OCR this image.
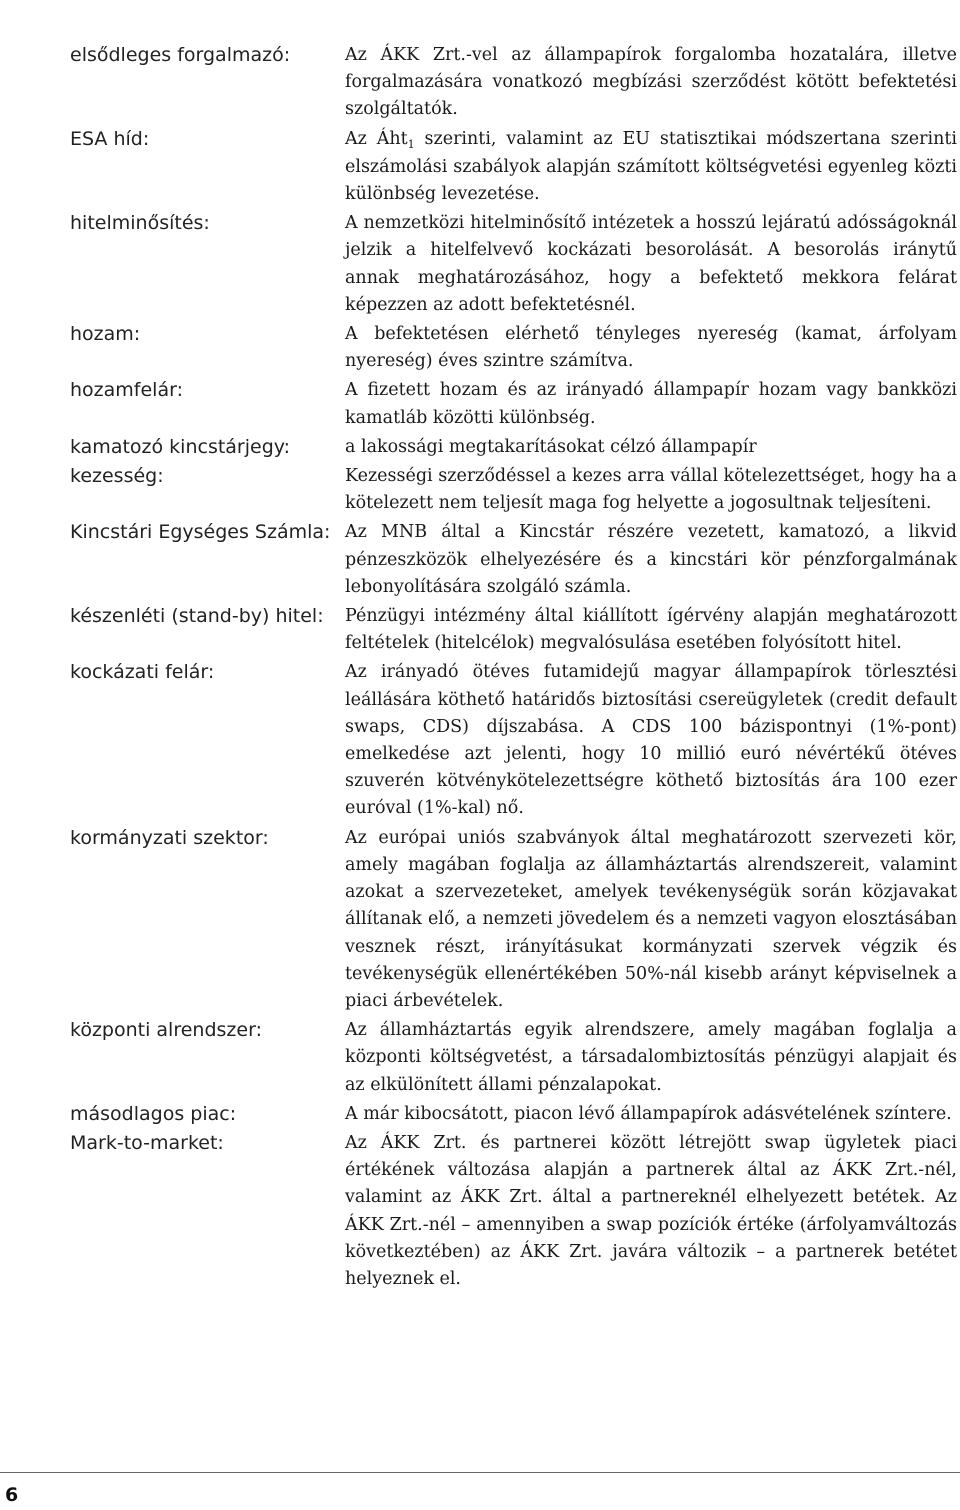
elsődleges forgalmazó:	Az ÁKK Zrt.-vel az állampapírok forgalomba hozatalára, illetve forgalmazására vonatkozó megbízási szerződést kötött befektetési szolgáltatók.
ESA híd:	Az Áht$_1$ szerinti, valamint az EU statisztikai módszertana szerinti elszámolási szabályok alapján számított költségvetési egyenleg közti különbség levezetése.
hitelminősítés:	A nemzetközi hitelminősítő intézetek a hosszú lejáratú adósságoknál jelzik a hitelfelvevő kockázati besorolását. A besorolás iránytű annak meghatározásához, hogy a befektető mekkora felárat képezzen az adott befektetésnél.
hozam:	A befektetésen elérhető tényleges nyereség (kamat, árfolyam nyereség) éves szintre számítva.
hozamfelár:	A fizetett hozam és az irányadó állampapír hozam vagy bankközi kamatláb közötti különbség.
kamatozó kincstárjegy:	a lakossági megtakarításokat célzó állampapír
kezesség:	Kezességi szerződéssel a kezes arra vállal kötelezettséget, hogy ha a kötelezett nem teljesít maga fog helyette a jogosultnak teljesíteni.
Kincstári Egységes Számla: Az MNB által a Kincstár részére vezetett, kamatozó, a likvid pénzeszközök elhelyezésére és a kincstári kör pénzforgalmának lebonyolítására szolgáló számla.
készenléti (stand-by) hitel:	Pénzügyi intézmény által kiállított ígérvény alapján meghatározott feltételek (hitelcélok) megvalósulása esetében folyósított hitel.
kockázati felár:	Az irányadó ötéves futamidejű magyar állampapírok törlesztési leállására köthető határidős biztosítási csereügyletek (credit default swaps, CDS) díjszabása. A CDS 100 bázispontnyi (1%-pont) emelkedése azt jelenti, hogy 10 millió euró névértékű ötéves szuverén kötvénykötelezettségre köthető biztosítás ára 100 ezer euróval (1%-kal) nő.
kormányzati szektor:	Az európai uniós szabványok által meghatározott szervezeti kör, amely magában foglalja az államháztartás alrendszereit, valamint azokat a szervezeteket, amelyek tevékenységük során közjavakat állítanak elő, a nemzeti jövedelem és a nemzeti vagyon elosztásában vesznek részt, irányításukat kormányzati szervek végzik és tevékenységük ellenértékében 50%-nál kisebb arányt képviselnek a piaci árbevételek.
központi alrendszer:	Az államháztartás egyik alrendszere, amely magában foglalja a központi költségvetést, a társadalombiztosítás pénzügyi alapjait és az elkülönített állami pénzalapokat.
másodlagos piac:	A már kibocsátott, piacon lévő állampapírok adásvételének színtere.
Mark-to-market:	Az ÁKK Zrt. és partnerei között létrejött swap ügyletek piaci értékének változása alapján a partnerek által az ÁKK Zrt.-nél, valamint az ÁKK Zrt. által a partnereknél elhelyezett betétek. Az ÁKK Zrt.-nél – amennyiben a swap pozíciók értéke (árfolyamváltozás következtében) az ÁKK Zrt. javára változik – a partnerek betétet helyeznek el.
6
